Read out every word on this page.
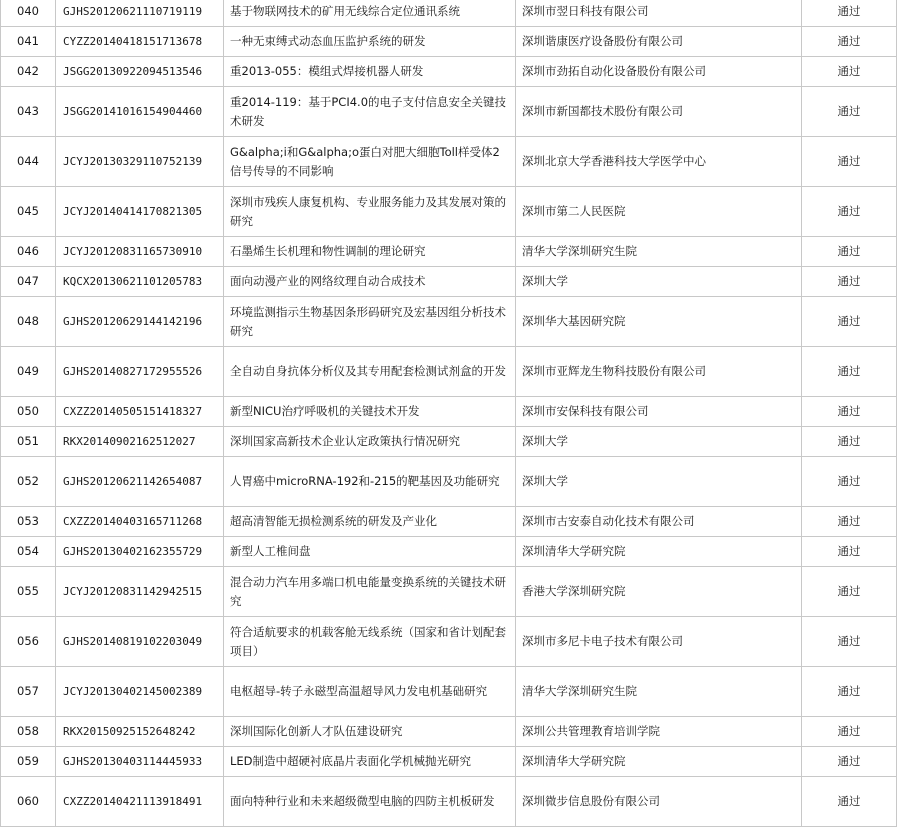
040	GJHS20120621110719119	基于物联网技术的矿用无线综合定位通讯系统	深圳市翌日科技有限公司	通过
041	CYZZ20140418151713678	一种无束缚式动态血压监护系统的研发	深圳谐康医疗设备股份有限公司	通过
042	JSGG20130922094513546	重2013-055：模组式焊接机器人研发	深圳市劲拓自动化设备股份有限公司	通过
043	JSGG20141016154904460	重2014-119：基于PCI4.0的电子支付信息安全关键技术研发	深圳市新国都技术股份有限公司	通过
044	JCYJ20130329110752139	G&alpha;i和G&alpha;o蛋白对肥大细胞Toll样受体2信号传导的不同影响	深圳北京大学香港科技大学医学中心	通过
045	JCYJ20140414170821305	深圳市残疾人康复机构、专业服务能力及其发展对策的研究	深圳市第二人民医院	通过
046	JCYJ20120831165730910	石墨烯生长机理和物性调制的理论研究	清华大学深圳研究生院	通过
047	KQCX20130621101205783	面向动漫产业的网络纹理自动合成技术	深圳大学	通过
048	GJHS20120629144142196	环境监测指示生物基因条形码研究及宏基因组分析技术研究	深圳华大基因研究院	通过
049	GJHS20140827172955526	全自动自身抗体分析仪及其专用配套检测试剂盒的开发	深圳市亚辉龙生物科技股份有限公司	通过
050	CXZZ20140505151418327	新型NICU治疗呼吸机的关键技术开发	深圳市安保科技有限公司	通过
051	RKX20140902162512027	深圳国家高新技术企业认定政策执行情况研究	深圳大学	通过
052	GJHS20120621142654087	人胃癌中microRNA-192和-215的靶基因及功能研究	深圳大学	通过
053	CXZZ20140403165711268	超高清智能无损检测系统的研发及产业化	深圳市古安泰自动化技术有限公司	通过
054	GJHS20130402162355729	新型人工椎间盘	深圳清华大学研究院	通过
055	JCYJ20120831142942515	混合动力汽车用多端口机电能量变换系统的关键技术研究	香港大学深圳研究院	通过
056	GJHS20140819102203049	符合适航要求的机载客舱无线系统（国家和省计划配套项目）	深圳市多尼卡电子技术有限公司	通过
057	JCYJ20130402145002389	电枢超导-转子永磁型高温超导风力发电机基础研究	清华大学深圳研究生院	通过
058	RKX20150925152648242	深圳国际化创新人才队伍建设研究	深圳公共管理教育培训学院	通过
059	GJHS20130403114445933	LED制造中超硬衬底晶片表面化学机械抛光研究	深圳清华大学研究院	通过
060	CXZZ20140421113918491	面向特种行业和未来超级微型电脑的四防主机板研发	深圳微步信息股份有限公司	通过
